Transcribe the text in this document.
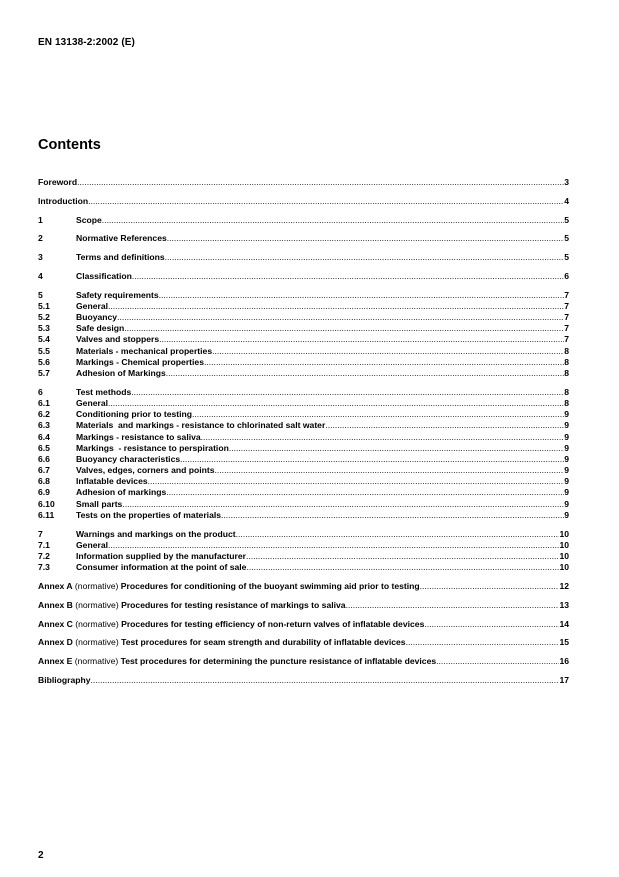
EN 13138-2:2002 (E)
Contents
Foreword .....	3
Introduction .....	4
1	Scope .....	5
2	Normative References .....	5
3	Terms and definitions .....	5
4	Classification .....	6
5	Safety requirements .....	7
5.1	General .....	7
5.2	Buoyancy .....	7
5.3	Safe design .....	7
5.4	Valves and stoppers .....	7
5.5	Materials - mechanical properties .....	8
5.6	Markings - Chemical properties .....	8
5.7	Adhesion of Markings .....	8
6	Test methods .....	8
6.1	General .....	8
6.2	Conditioning prior to testing .....	9
6.3	Materials  and markings - resistance to chlorinated salt water .....	9
6.4	Markings - resistance to saliva .....	9
6.5	Markings  - resistance to perspiration .....	9
6.6	Buoyancy characteristics .....	9
6.7	Valves, edges, corners and points .....	9
6.8	Inflatable devices .....	9
6.9	Adhesion of markings .....	9
6.10	Small parts .....	9
6.11	Tests on the properties of materials .....	9
7	Warnings and markings on the product .....	10
7.1	General .....	10
7.2	Information supplied by the manufacturer .....	10
7.3	Consumer information at the point of sale .....	10
Annex A (normative) Procedures for conditioning of the buoyant swimming aid prior to testing .....	12
Annex B (normative) Procedures for testing resistance of markings to saliva .....	13
Annex C (normative) Procedures for testing efficiency of non-return valves of inflatable devices .....	14
Annex D (normative) Test procedures for seam strength and durability of inflatable devices .....	15
Annex E (normative) Test procedures for determining the puncture resistance of inflatable devices .....	16
Bibliography .....	17
2
